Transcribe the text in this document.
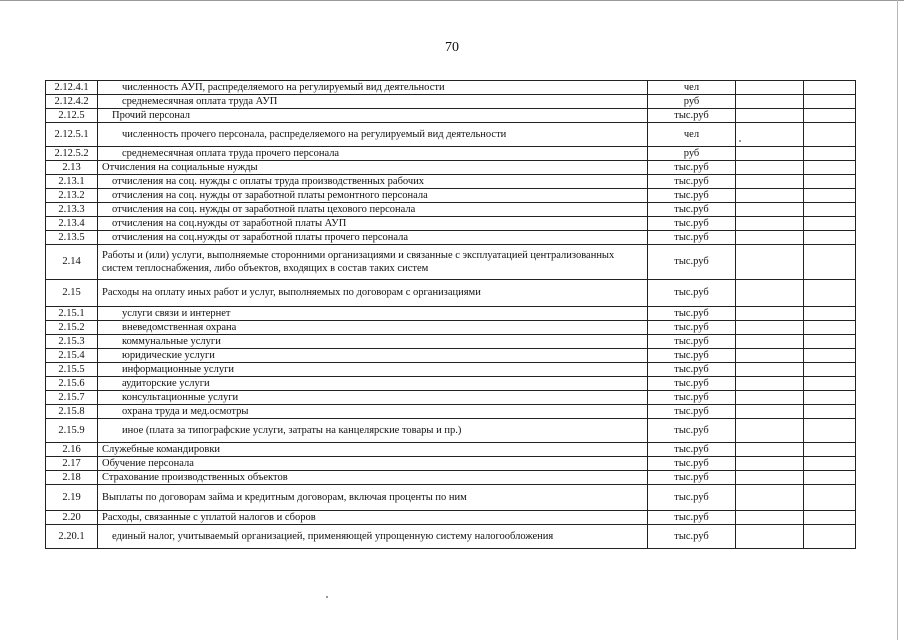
70
2.12.4.1	численность АУП, распределяемого на регулируемый вид деятельности	чел		
2.12.4.2	среднемесячная оплата труда АУП	руб		
2.12.5	Прочий персонал	тыс.руб		
2.12.5.1	численность прочего персонала, распределяемого на регулируемый вид деятельности	чел		
2.12.5.2	среднемесячная оплата труда прочего персонала	руб		
2.13	Отчисления на социальные нужды	тыс.руб		
2.13.1	отчисления на соц. нужды с оплаты труда производственных рабочих	тыс.руб		
2.13.2	отчисления на соц. нужды от заработной платы ремонтного персонала	тыс.руб		
2.13.3	отчисления на соц. нужды от заработной платы цехового персонала	тыс.руб		
2.13.4	отчисления на соц.нужды от заработной платы АУП	тыс.руб		
2.13.5	отчисления на соц.нужды от заработной платы прочего персонала	тыс.руб		
2.14	Работы и (или) услуги, выполняемые сторонними организациями и связанные с эксплуатацией централизованных систем теплоснабжения, либо объектов, входящих в состав таких систем	тыс.руб		
2.15	Расходы на оплату иных работ и услуг, выполняемых по договорам с организациями	тыс.руб		
2.15.1	услуги связи и интернет	тыс.руб		
2.15.2	вневедомственная охрана	тыс.руб		
2.15.3	коммунальные услуги	тыс.руб		
2.15.4	юридические услуги	тыс.руб		
2.15.5	информационные услуги	тыс.руб		
2.15.6	аудиторские услуги	тыс.руб		
2.15.7	консультационные услуги	тыс.руб		
2.15.8	охрана труда и мед.осмотры	тыс.руб		
2.15.9	иное (плата за типографские услуги, затраты на канцелярские товары и пр.)	тыс.руб		
2.16	Служебные командировки	тыс.руб		
2.17	Обучение персонала	тыс.руб		
2.18	Страхование производственных объектов	тыс.руб		
2.19	Выплаты по договорам займа и кредитным договорам, включая проценты по ним	тыс.руб		
2.20	Расходы, связанные с уплатой налогов и сборов	тыс.руб		
2.20.1	единый налог, учитываемый организацией, применяющей упрощенную систему налогообложения	тыс.руб		
